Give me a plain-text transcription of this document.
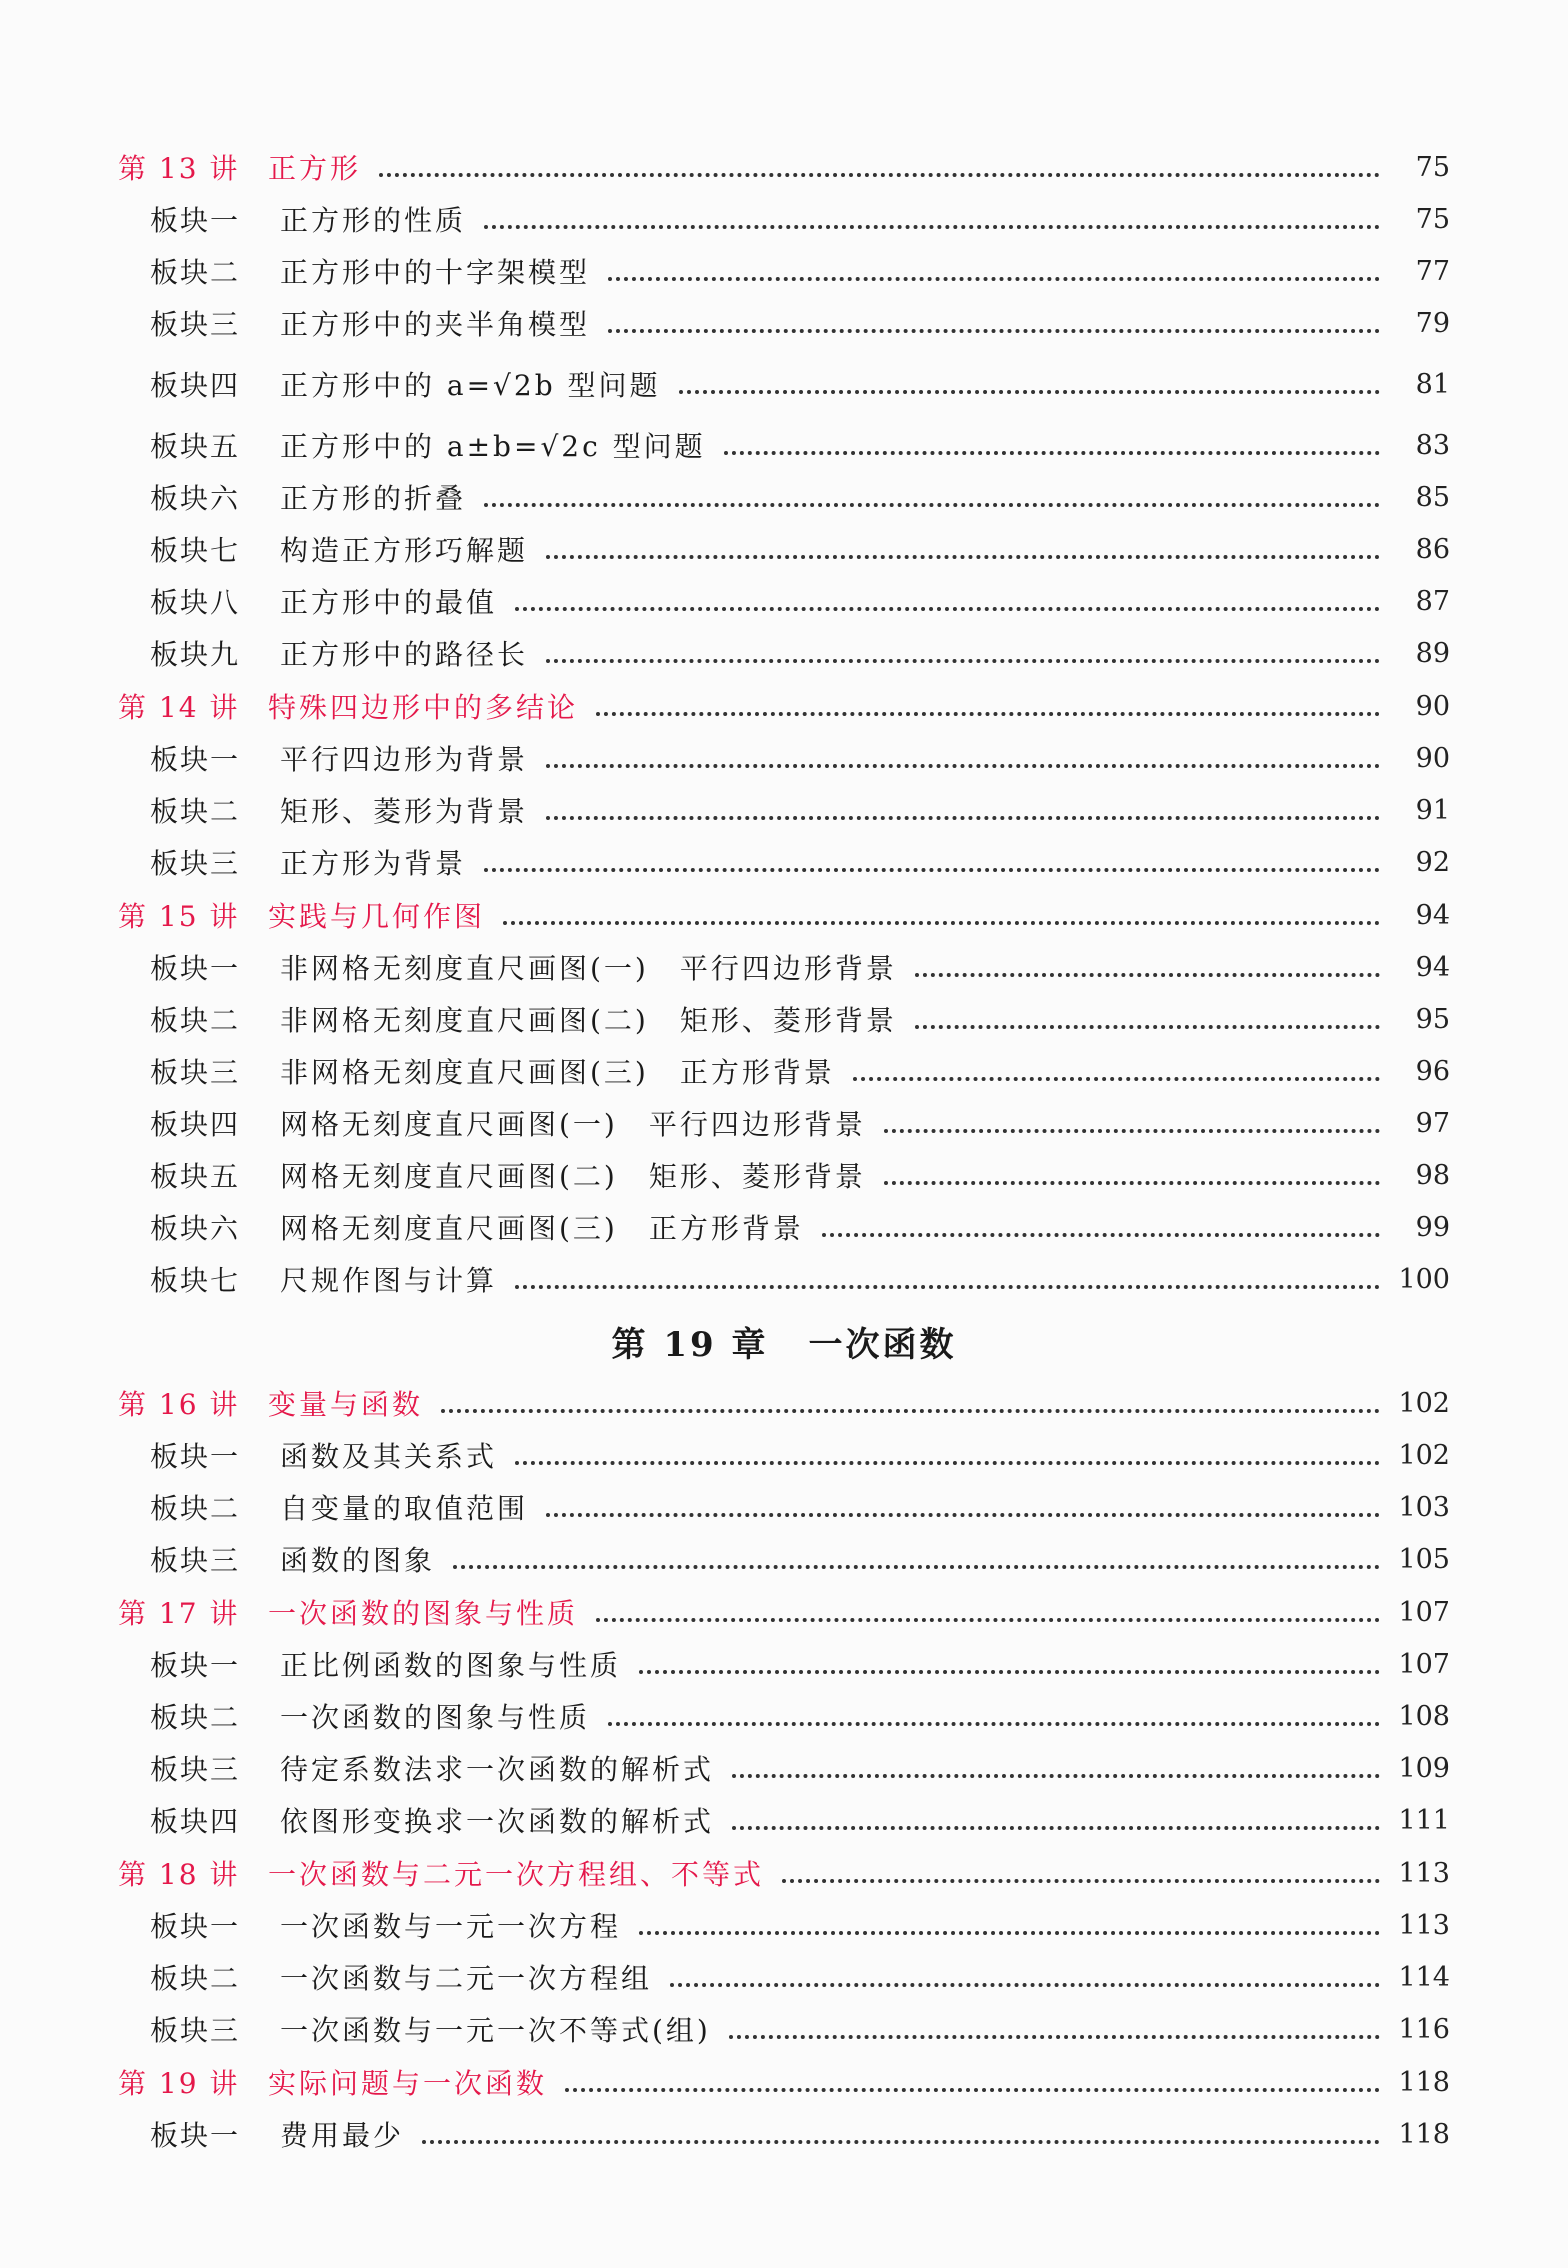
第 19 章 一次函数
第 13 讲	正方形	75
板块一	正方形的性质	75
板块二	正方形中的十字架模型	77
板块三	正方形中的夹半角模型	79
板块四	正方形中的 a=√2b 型问题	81
板块五	正方形中的 a±b=√2c 型问题	83
板块六	正方形的折叠	85
板块七	构造正方形巧解题	86
板块八	正方形中的最值	87
板块九	正方形中的路径长	89
第 14 讲	特殊四边形中的多结论	90
板块一	平行四边形为背景	90
板块二	矩形、菱形为背景	91
板块三	正方形为背景	92
第 15 讲	实践与几何作图	94
板块一	非网格无刻度直尺画图(一)　平行四边形背景	94
板块二	非网格无刻度直尺画图(二)　矩形、菱形背景	95
板块三	非网格无刻度直尺画图(三)　正方形背景	96
板块四	网格无刻度直尺画图(一)　平行四边形背景	97
板块五	网格无刻度直尺画图(二)　矩形、菱形背景	98
板块六	网格无刻度直尺画图(三)　正方形背景	99
板块七	尺规作图与计算	100
第 16 讲	变量与函数	102
板块一	函数及其关系式	102
板块二	自变量的取值范围	103
板块三	函数的图象	105
第 17 讲	一次函数的图象与性质	107
板块一	正比例函数的图象与性质	107
板块二	一次函数的图象与性质	108
板块三	待定系数法求一次函数的解析式	109
板块四	依图形变换求一次函数的解析式	111
第 18 讲	一次函数与二元一次方程组、不等式	113
板块一	一次函数与一元一次方程	113
板块二	一次函数与二元一次方程组	114
板块三	一次函数与一元一次不等式(组)	116
第 19 讲	实际问题与一次函数	118
板块一	费用最少	118
